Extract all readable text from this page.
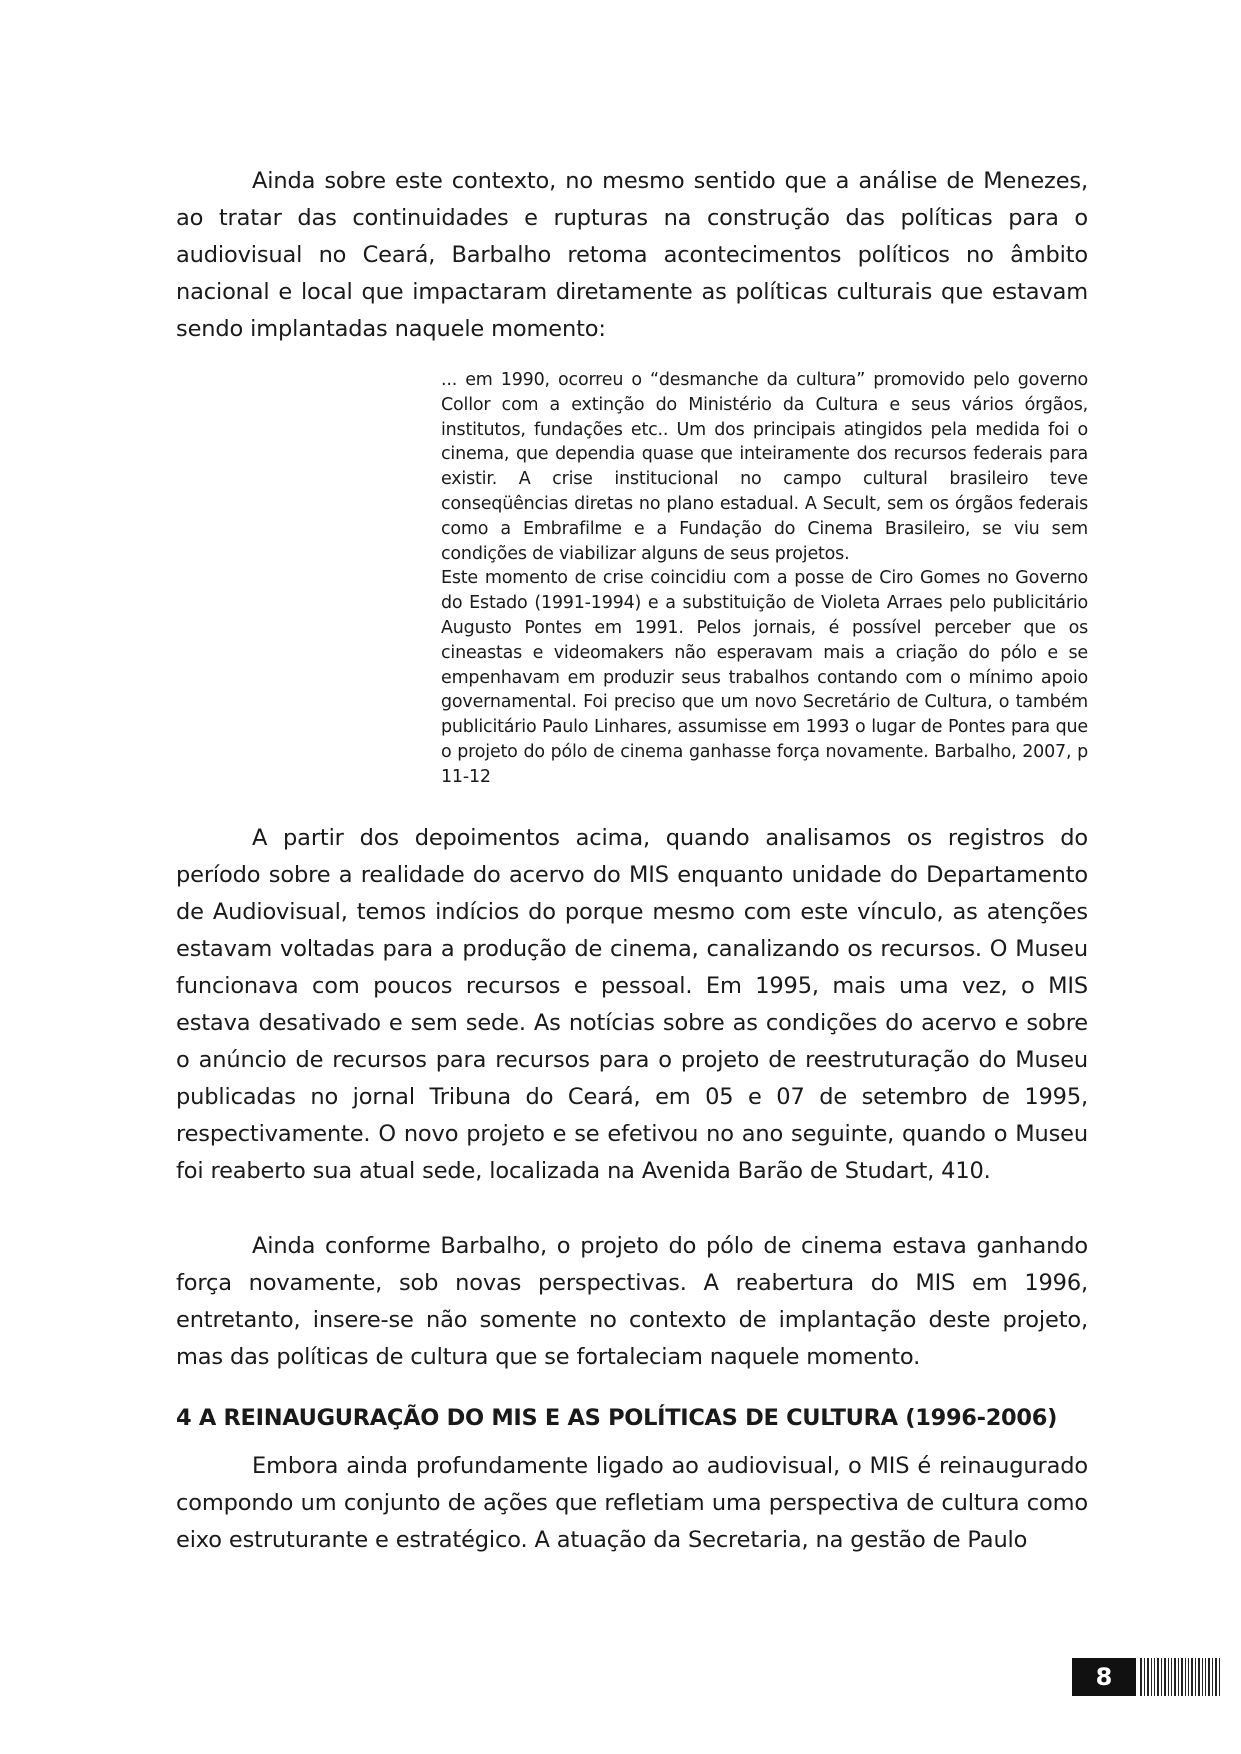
Ainda sobre este contexto, no mesmo sentido que a análise de Menezes, ao tratar das continuidades e rupturas na construção das políticas para o audiovisual no Ceará, Barbalho retoma acontecimentos políticos no âmbito nacional e local que impactaram diretamente as políticas culturais que estavam sendo implantadas naquele momento:

... em 1990, ocorreu o “desmanche da cultura” promovido pelo governo Collor com a extinção do Ministério da Cultura e seus vários órgãos, institutos, fundações etc.. Um dos principais atingidos pela medida foi o cinema, que dependia quase que inteiramente dos recursos federais para existir. A crise institucional no campo cultural brasileiro teve conseqüências diretas no plano estadual. A Secult, sem os órgãos federais como a Embrafilme e a Fundação do Cinema Brasileiro, se viu sem condições de viabilizar alguns de seus projetos.

Este momento de crise coincidiu com a posse de Ciro Gomes no Governo do Estado (1991-1994) e a substituição de Violeta Arraes pelo publicitário Augusto Pontes em 1991. Pelos jornais, é possível perceber que os cineastas e videomakers não esperavam mais a criação do pólo e se empenhavam em produzir seus trabalhos contando com o mínimo apoio governamental. Foi preciso que um novo Secretário de Cultura, o também publicitário Paulo Linhares, assumisse em 1993 o lugar de Pontes para que o projeto do pólo de cinema ganhasse força novamente. Barbalho, 2007, p 11-12

A partir dos depoimentos acima, quando analisamos os registros do período sobre a realidade do acervo do MIS enquanto unidade do Departamento de Audiovisual, temos indícios do porque mesmo com este vínculo, as atenções estavam voltadas para a produção de cinema, canalizando os recursos. O Museu funcionava com poucos recursos e pessoal. Em 1995, mais uma vez, o MIS estava desativado e sem sede. As notícias sobre as condições do acervo e sobre o anúncio de recursos para recursos para o projeto de reestruturação do Museu publicadas no jornal Tribuna do Ceará, em 05 e 07 de setembro de 1995, respectivamente. O novo projeto e se efetivou no ano seguinte, quando o Museu foi reaberto sua atual sede, localizada na Avenida Barão de Studart, 410.

Ainda conforme Barbalho, o projeto do pólo de cinema estava ganhando força novamente, sob novas perspectivas. A reabertura do MIS em 1996, entretanto, insere-se não somente no contexto de implantação deste projeto, mas das políticas de cultura que se fortaleciam naquele momento.

4 A REINAUGURAÇÃO DO MIS E AS POLÍTICAS DE CULTURA (1996-2006)

Embora ainda profundamente ligado ao audiovisual, o MIS é reinaugurado compondo um conjunto de ações que refletiam uma perspectiva de cultura como eixo estruturante e estratégico. A atuação da Secretaria, na gestão de Paulo

8
